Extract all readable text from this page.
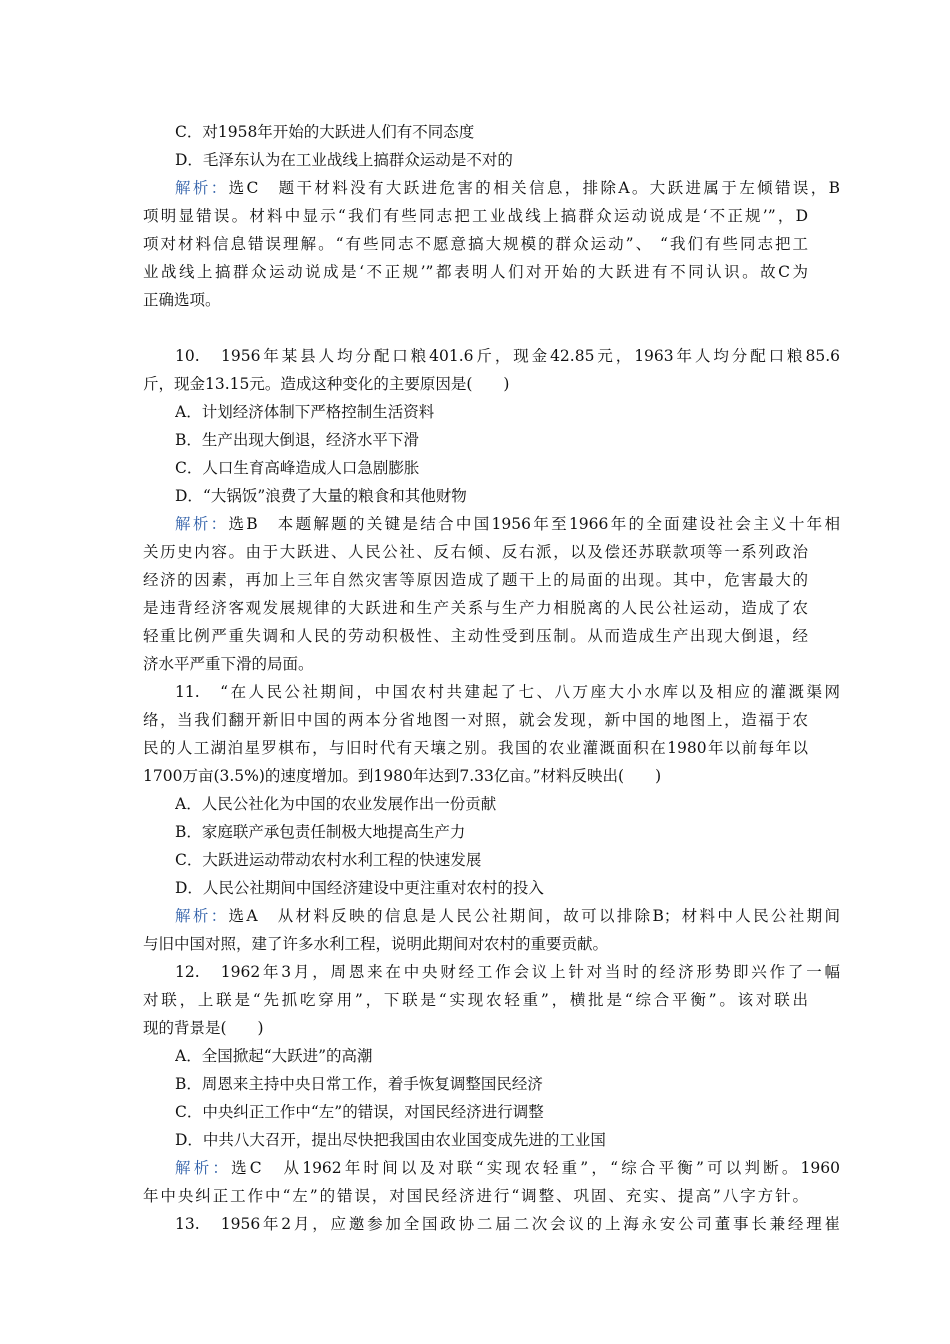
C．对1958年开始的大跃进人们有不同态度
D．毛泽东认为在工业战线上搞群众运动是不对的
解析：选C　题干材料没有大跃进危害的相关信息，排除A。大跃进属于左倾错误，B
项明显错误。材料中显示“我们有些同志把工业战线上搞群众运动说成是‘不正规’”，D
项对材料信息错误理解。“有些同志不愿意搞大规模的群众运动”、 “我们有些同志把工
业战线上搞群众运动说成是‘不正规’”都表明人们对开始的大跃进有不同认识。故C为
正确选项。
10.　1956年某县人均分配口粮401.6斤，现金42.85元，1963年人均分配口粮85.6
斤，现金13.15元。造成这种变化的主要原因是(　　)
A．计划经济体制下严格控制生活资料
B．生产出现大倒退，经济水平下滑
C．人口生育高峰造成人口急剧膨胀
D．“大锅饭”浪费了大量的粮食和其他财物
解析：选B　本题解题的关键是结合中国1956年至1966年的全面建设社会主义十年相
关历史内容。由于大跃进、人民公社、反右倾、反右派，以及偿还苏联款项等一系列政治
经济的因素，再加上三年自然灾害等原因造成了题干上的局面的出现。其中，危害最大的
是违背经济客观发展规律的大跃进和生产关系与生产力相脱离的人民公社运动，造成了农
轻重比例严重失调和人民的劳动积极性、主动性受到压制。从而造成生产出现大倒退，经
济水平严重下滑的局面。
11.　“在人民公社期间，中国农村共建起了七、八万座大小水库以及相应的灌溉渠网
络，当我们翻开新旧中国的两本分省地图一对照，就会发现，新中国的地图上，造福于农
民的人工湖泊星罗棋布，与旧时代有天壤之别。我国的农业灌溉面积在1980年以前每年以
1700万亩(3.5%)的速度增加。到1980年达到7.33亿亩。”材料反映出(　　)
A．人民公社化为中国的农业发展作出一份贡献
B．家庭联产承包责任制极大地提高生产力
C．大跃进运动带动农村水利工程的快速发展
D．人民公社期间中国经济建设中更注重对农村的投入
解析：选A　从材料反映的信息是人民公社期间，故可以排除B；材料中人民公社期间
与旧中国对照，建了许多水利工程，说明此期间对农村的重要贡献。
12.　1962年3月，周恩来在中央财经工作会议上针对当时的经济形势即兴作了一幅
对联，上联是“先抓吃穿用”，下联是“实现农轻重”，横批是“综合平衡”。该对联出
现的背景是(　　)
A．全国掀起“大跃进”的高潮
B．周恩来主持中央日常工作，着手恢复调整国民经济
C．中央纠正工作中“左”的错误，对国民经济进行调整
D．中共八大召开，提出尽快把我国由农业国变成先进的工业国
解析：选C　从1962年时间以及对联“实现农轻重”，“综合平衡”可以判断。1960
年中央纠正工作中“左”的错误，对国民经济进行“调整、巩固、充实、提高”八字方针。
13.　1956年2月，应邀参加全国政协二届二次会议的上海永安公司董事长兼经理崔
